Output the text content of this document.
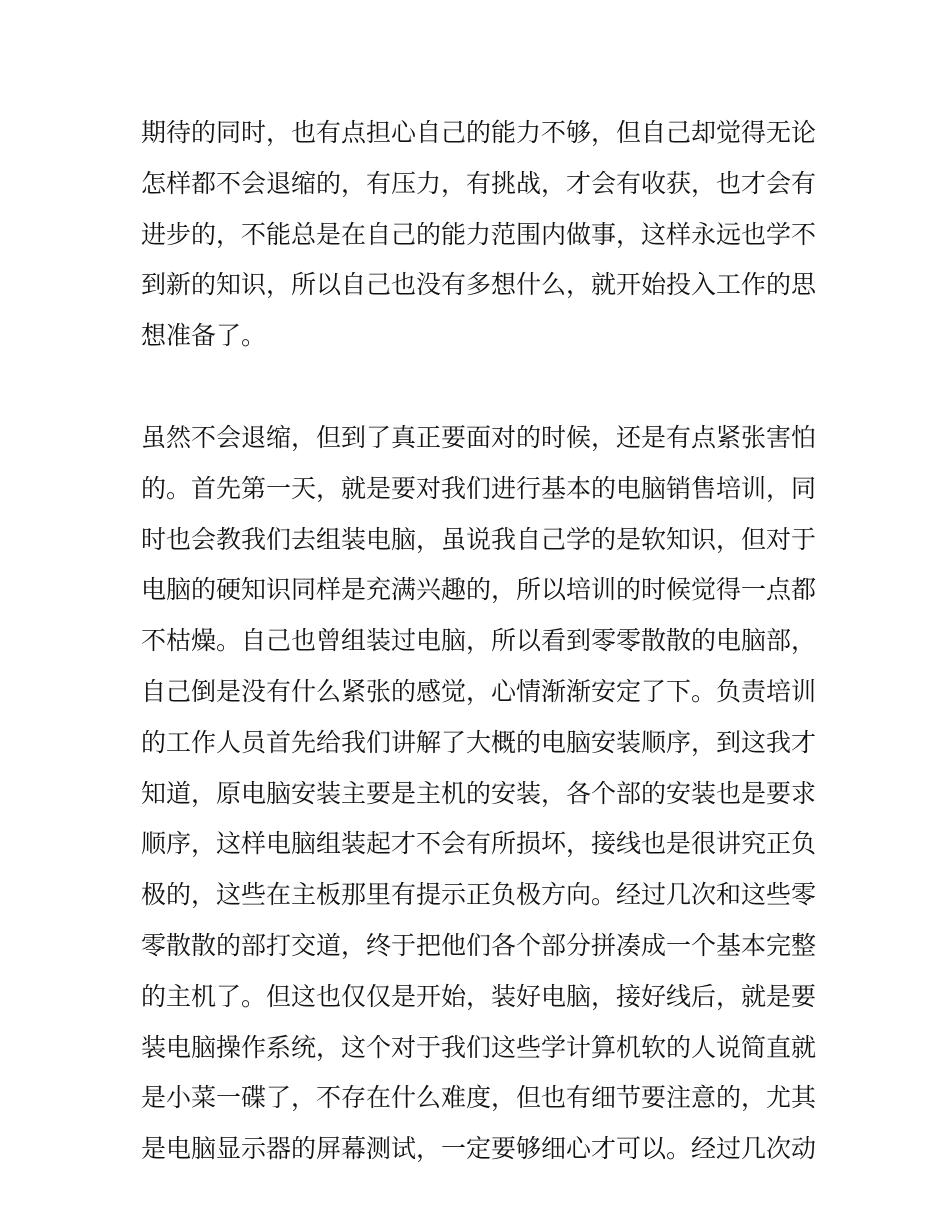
期待的同时，也有点担心自己的能力不够，但自己却觉得无论
怎样都不会退缩的，有压力，有挑战，才会有收获，也才会有
进步的，不能总是在自己的能力范围内做事，这样永远也学不
到新的知识，所以自己也没有多想什么，就开始投入工作的思
想准备了。
虽然不会退缩，但到了真正要面对的时候，还是有点紧张害怕
的。首先第一天，就是要对我们进行基本的电脑销售培训，同
时也会教我们去组装电脑，虽说我自己学的是软知识，但对于
电脑的硬知识同样是充满兴趣的，所以培训的时候觉得一点都
不枯燥。自己也曾组装过电脑，所以看到零零散散的电脑部，
自己倒是没有什么紧张的感觉，心情渐渐安定了下。负责培训
的工作人员首先给我们讲解了大概的电脑安装顺序，到这我才
知道，原电脑安装主要是主机的安装，各个部的安装也是要求
顺序，这样电脑组装起才不会有所损坏，接线也是很讲究正负
极的，这些在主板那里有提示正负极方向。经过几次和这些零
零散散的部打交道，终于把他们各个部分拼凑成一个基本完整
的主机了。但这也仅仅是开始，装好电脑，接好线后，就是要
装电脑操作系统，这个对于我们这些学计算机软的人说简直就
是小菜一碟了，不存在什么难度，但也有细节要注意的，尤其
是电脑显示器的屏幕测试，一定要够细心才可以。经过几次动
